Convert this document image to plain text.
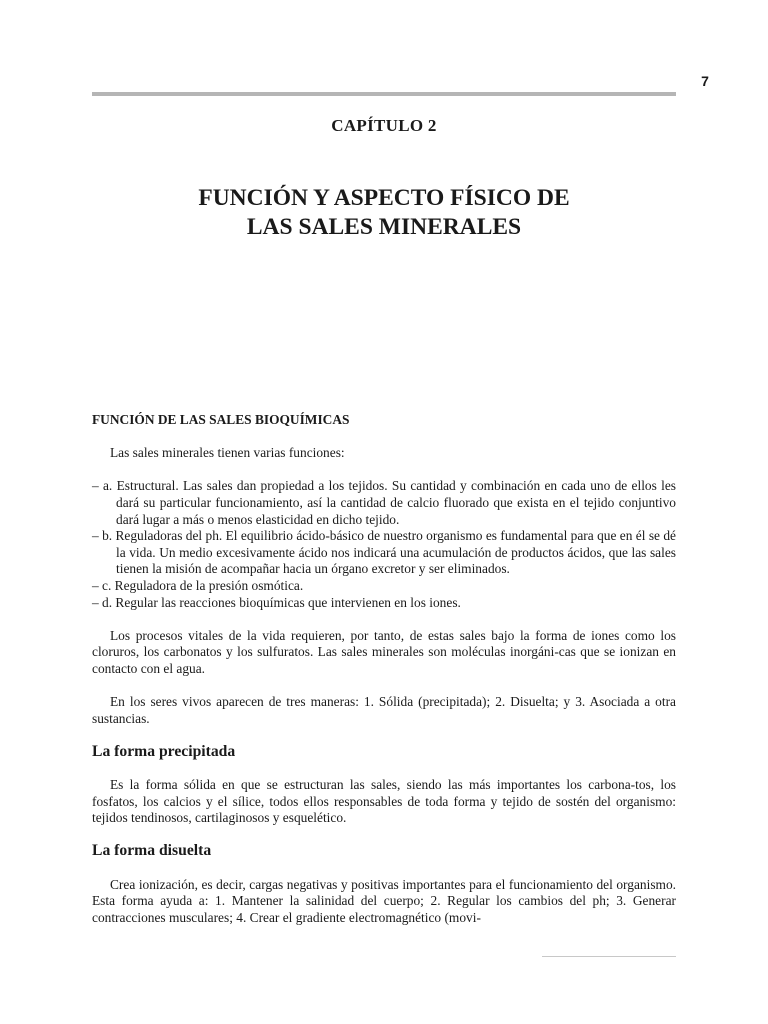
7
CAPÍTULO 2
FUNCIÓN Y ASPECTO FÍSICO DE
LAS SALES MINERALES
FUNCIÓN DE LAS SALES BIOQUÍMICAS

Las sales minerales tienen varias funciones:

– a. Estructural. Las sales dan propiedad a los tejidos. Su cantidad y combinación en cada uno de ellos les dará su particular funcionamiento, así la cantidad de calcio fluorado que exista en el tejido conjuntivo dará lugar a más o menos elasticidad en dicho tejido.
– b. Reguladoras del ph. El equilibrio ácido-básico de nuestro organismo es fundamental para que en él se dé la vida. Un medio excesivamente ácido nos indicará una acumulación de productos ácidos, que las sales tienen la misión de acompañar hacia un órgano excretor y ser eliminados.
– c. Reguladora de la presión osmótica.
– d. Regular las reacciones bioquímicas que intervienen en los iones.

Los procesos vitales de la vida requieren, por tanto, de estas sales bajo la forma de iones como los cloruros, los carbonatos y los sulfuratos. Las sales minerales son moléculas inorgáni-cas que se ionizan en contacto con el agua.

En los seres vivos aparecen de tres maneras: 1. Sólida (precipitada); 2. Disuelta; y 3. Asociada a otra sustancias.

La forma precipitada

Es la forma sólida en que se estructuran las sales, siendo las más importantes los carbona-tos, los fosfatos, los calcios y el sílice, todos ellos responsables de toda forma y tejido de sostén del organismo: tejidos tendinosos, cartilaginosos y esquelético.

La forma disuelta

Crea ionización, es decir, cargas negativas y positivas importantes para el funcionamiento del organismo. Esta forma ayuda a: 1. Mantener la salinidad del cuerpo; 2. Regular los cambios del ph; 3. Generar contracciones musculares; 4. Crear el gradiente electromagnético (movi-
